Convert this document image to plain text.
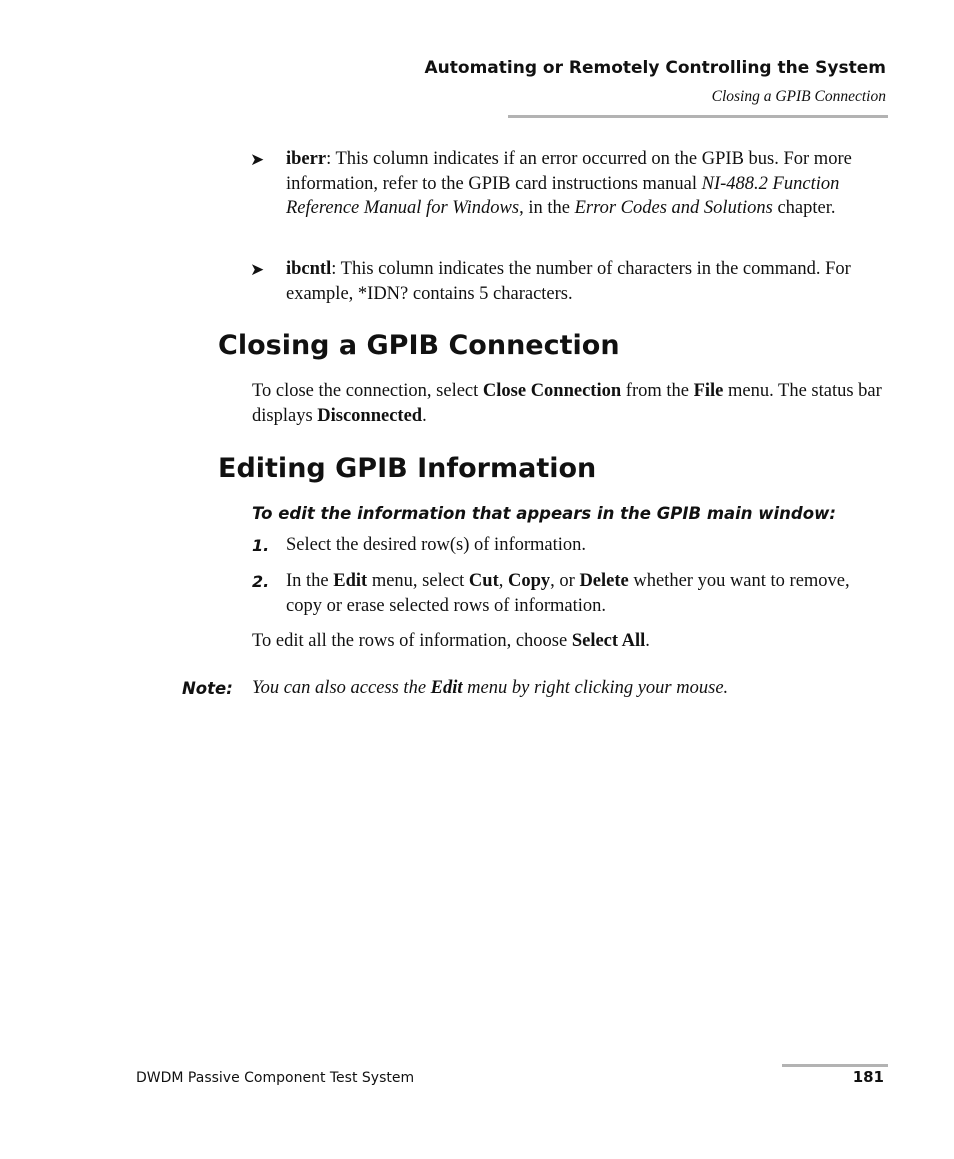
Automating or Remotely Controlling the System
Closing a GPIB Connection
➤ iberr: This column indicates if an error occurred on the GPIB bus. For more information, refer to the GPIB card instructions manual NI-488.2 Function Reference Manual for Windows, in the Error Codes and Solutions chapter.
➤ ibcntl: This column indicates the number of characters in the command. For example, *IDN? contains 5 characters.
Closing a GPIB Connection
To close the connection, select Close Connection from the File menu. The status bar displays Disconnected.
Editing GPIB Information
To edit the information that appears in the GPIB main window:
1. Select the desired row(s) of information.
2. In the Edit menu, select Cut, Copy, or Delete whether you want to remove, copy or erase selected rows of information.
To edit all the rows of information, choose Select All.
Note: You can also access the Edit menu by right clicking your mouse.
DWDM Passive Component Test System	181
